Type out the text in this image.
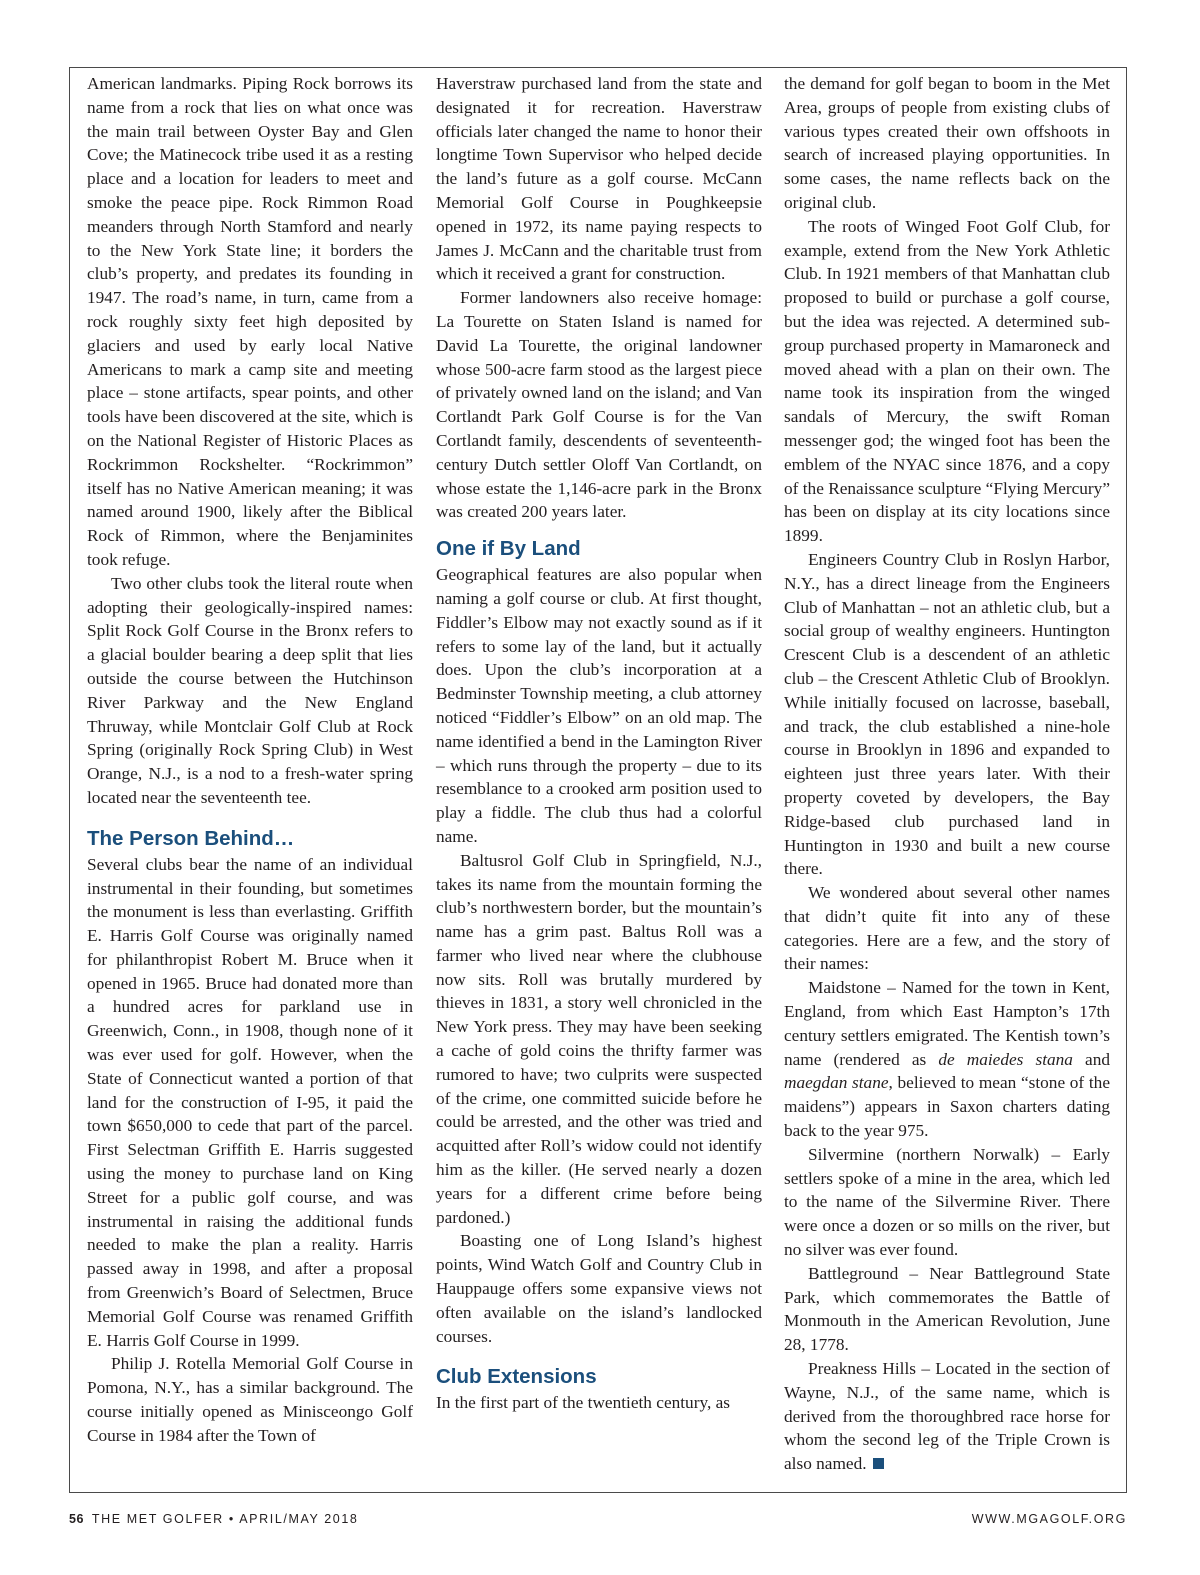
American landmarks. Piping Rock borrows its name from a rock that lies on what once was the main trail between Oyster Bay and Glen Cove; the Matinecock tribe used it as a resting place and a location for leaders to meet and smoke the peace pipe. Rock Rimmon Road meanders through North Stamford and nearly to the New York State line; it borders the club’s property, and predates its founding in 1947. The road’s name, in turn, came from a rock roughly sixty feet high deposited by glaciers and used by early local Native Americans to mark a camp site and meeting place – stone artifacts, spear points, and other tools have been discovered at the site, which is on the National Register of Historic Places as Rockrimmon Rockshelter. “Rockrimmon” itself has no Native American meaning; it was named around 1900, likely after the Biblical Rock of Rimmon, where the Benjaminites took refuge.

Two other clubs took the literal route when adopting their geologically-inspired names: Split Rock Golf Course in the Bronx refers to a glacial boulder bearing a deep split that lies outside the course between the Hutchinson River Parkway and the New England Thruway, while Montclair Golf Club at Rock Spring (originally Rock Spring Club) in West Orange, N.J., is a nod to a fresh-water spring located near the seventeenth tee.

The Person Behind…

Several clubs bear the name of an individual instrumental in their founding, but sometimes the monument is less than everlasting. Griffith E. Harris Golf Course was originally named for philanthropist Robert M. Bruce when it opened in 1965. Bruce had donated more than a hundred acres for parkland use in Greenwich, Conn., in 1908, though none of it was ever used for golf. However, when the State of Connecticut wanted a portion of that land for the construction of I-95, it paid the town $650,000 to cede that part of the parcel. First Selectman Griffith E. Harris suggested using the money to purchase land on King Street for a public golf course, and was instrumental in raising the additional funds needed to make the plan a reality. Harris passed away in 1998, and after a proposal from Greenwich’s Board of Selectmen, Bruce Memorial Golf Course was renamed Griffith E. Harris Golf Course in 1999.

Philip J. Rotella Memorial Golf Course in Pomona, N.Y., has a similar background. The course initially opened as Minisceongo Golf Course in 1984 after the Town of

Haverstraw purchased land from the state and designated it for recreation. Haverstraw officials later changed the name to honor their longtime Town Supervisor who helped decide the land’s future as a golf course. McCann Memorial Golf Course in Poughkeepsie opened in 1972, its name paying respects to James J. McCann and the charitable trust from which it received a grant for construction.

Former landowners also receive homage: La Tourette on Staten Island is named for David La Tourette, the original landowner whose 500-acre farm stood as the largest piece of privately owned land on the island; and Van Cortlandt Park Golf Course is for the Van Cortlandt family, descendents of seventeenth-century Dutch settler Oloff Van Cortlandt, on whose estate the 1,146-acre park in the Bronx was created 200 years later.

One if By Land

Geographical features are also popular when naming a golf course or club. At first thought, Fiddler’s Elbow may not exactly sound as if it refers to some lay of the land, but it actually does. Upon the club’s incorporation at a Bedminster Township meeting, a club attorney noticed “Fiddler’s Elbow” on an old map. The name identified a bend in the Lamington River – which runs through the property – due to its resemblance to a crooked arm position used to play a fiddle. The club thus had a colorful name.

Baltusrol Golf Club in Springfield, N.J., takes its name from the mountain forming the club’s northwestern border, but the mountain’s name has a grim past. Baltus Roll was a farmer who lived near where the clubhouse now sits. Roll was brutally murdered by thieves in 1831, a story well chronicled in the New York press. They may have been seeking a cache of gold coins the thrifty farmer was rumored to have; two culprits were suspected of the crime, one committed suicide before he could be arrested, and the other was tried and acquitted after Roll’s widow could not identify him as the killer. (He served nearly a dozen years for a different crime before being pardoned.)

Boasting one of Long Island’s highest points, Wind Watch Golf and Country Club in Hauppauge offers some expansive views not often available on the island’s landlocked courses.

Club Extensions

In the first part of the twentieth century, as

the demand for golf began to boom in the Met Area, groups of people from existing clubs of various types created their own offshoots in search of increased playing opportunities. In some cases, the name reflects back on the original club.

The roots of Winged Foot Golf Club, for example, extend from the New York Athletic Club. In 1921 members of that Manhattan club proposed to build or purchase a golf course, but the idea was rejected. A determined sub-group purchased property in Mamaroneck and moved ahead with a plan on their own. The name took its inspiration from the winged sandals of Mercury, the swift Roman messenger god; the winged foot has been the emblem of the NYAC since 1876, and a copy of the Renaissance sculpture “Flying Mercury” has been on display at its city locations since 1899.

Engineers Country Club in Roslyn Harbor, N.Y., has a direct lineage from the Engineers Club of Manhattan – not an athletic club, but a social group of wealthy engineers. Huntington Crescent Club is a descendent of an athletic club – the Crescent Athletic Club of Brooklyn. While initially focused on lacrosse, baseball, and track, the club established a nine-hole course in Brooklyn in 1896 and expanded to eighteen just three years later. With their property coveted by developers, the Bay Ridge-based club purchased land in Huntington in 1930 and built a new course there.

We wondered about several other names that didn’t quite fit into any of these categories. Here are a few, and the story of their names:

Maidstone – Named for the town in Kent, England, from which East Hampton’s 17th century settlers emigrated. The Kentish town’s name (rendered as de maiedes stana and maegdan stane, believed to mean “stone of the maidens”) appears in Saxon charters dating back to the year 975.

Silvermine (northern Norwalk) – Early settlers spoke of a mine in the area, which led to the name of the Silvermine River. There were once a dozen or so mills on the river, but no silver was ever found.

Battleground – Near Battleground State Park, which commemorates the Battle of Monmouth in the American Revolution, June 28, 1778.

Preakness Hills – Located in the section of Wayne, N.J., of the same name, which is derived from the thoroughbred race horse for whom the second leg of the Triple Crown is also named.

56 THE MET GOLFER • APRIL/MAY 2018	WWW.MGAGOLF.ORG
